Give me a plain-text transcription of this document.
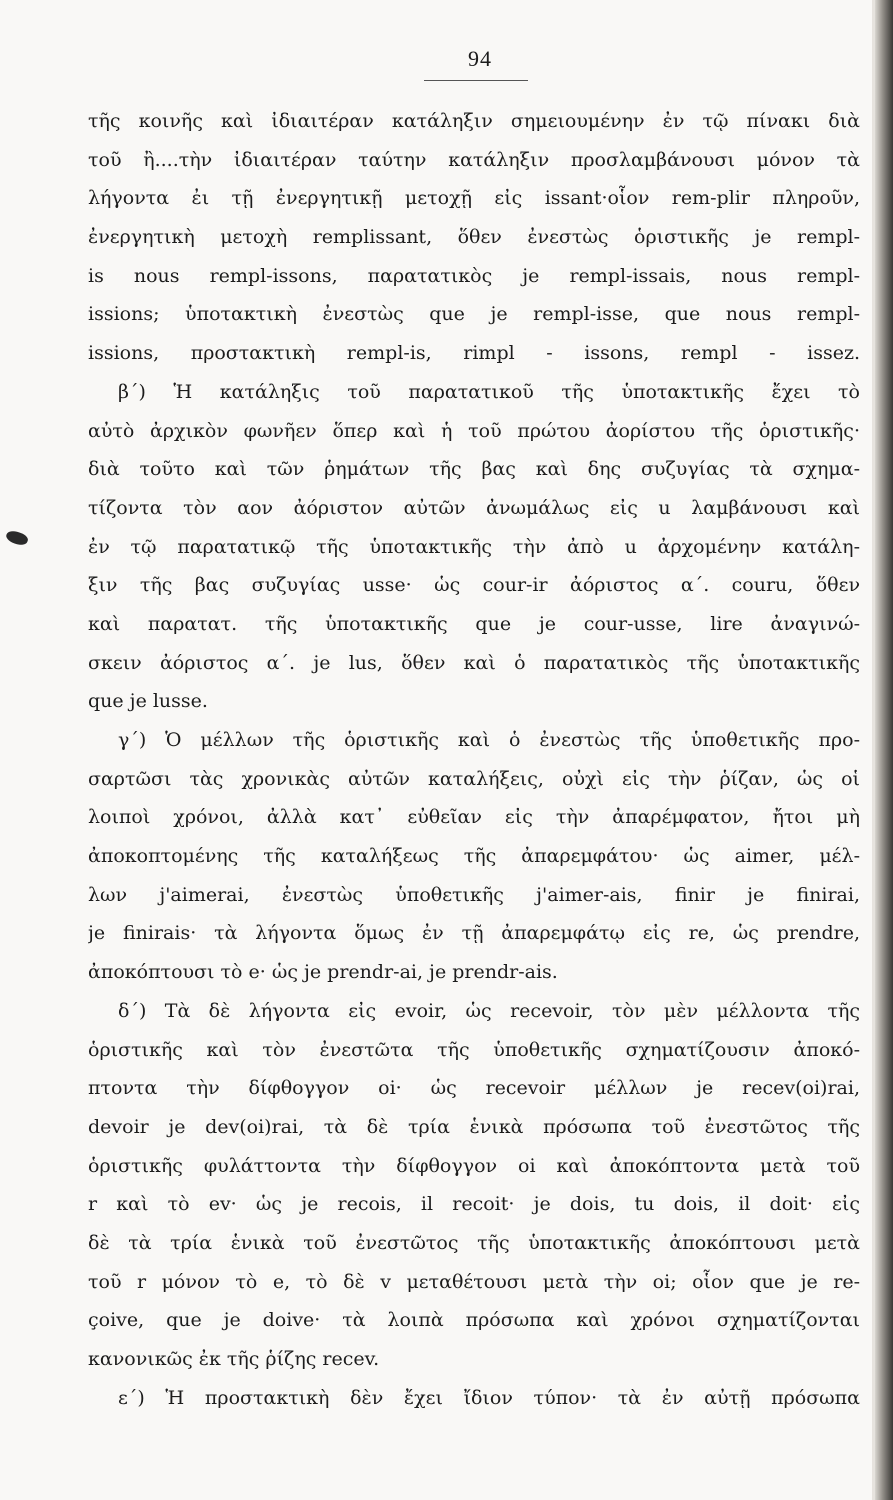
94
τῆς κοινῆς καὶ ἰδιαιτέραν κατάληξιν σημειουμένην ἐν τῷ πίνακι διὰ
τοῦ ἢ....τὴν ἰδιαιτέραν ταύτην κατάληξιν προσλαμβάνουσι μόνον τὰ
λήγοντα ἐι τῇ ἐνεργητικῇ μετοχῇ εἰς issant·οἷον rem-plir πληροῦν,
ἐνεργητικὴ μετοχὴ remplissant, ὅθεν ἐνεστὼς ὁριστικῆς je rempl-
is nous rempl-issons, παρατατικὸς je rempl-issais, nous rempl-
issions; ὑποτακτικὴ ἐνεστὼς que je rempl-isse, que nous rempl-
issions, προστακτικὴ rempl-is, rimpl - issons, rempl - issez.
β´) Ἡ κατάληξις τοῦ παρατατικοῦ τῆς ὑποτακτικῆς ἔχει τὸ
αὐτὸ ἀρχικὸν φωνῆεν ὅπερ καὶ ἡ τοῦ πρώτου ἀορίστου τῆς ὁριστικῆς·
διὰ τοῦτο καὶ τῶν ῥημάτων τῆς βας καὶ δης συζυγίας τὰ σχημα-
τίζοντα τὸν αον ἀόριστον αὐτῶν ἀνωμάλως εἰς u λαμβάνουσι καὶ
ἐν τῷ παρατατικῷ τῆς ὑποτακτικῆς τὴν ἀπὸ u ἀρχομένην κατάλη-
ξιν τῆς βας συζυγίας usse· ὡς cour-ir ἀόριστος α´. couru, ὅθεν
καὶ παρατατ. τῆς ὑποτακτικῆς que je cour-usse, lire ἀναγινώ-
σκειν ἀόριστος α´. je lus, ὅθεν καὶ ὁ παρατατικὸς τῆς ὑποτακτικῆς
que je lusse.
γ´) Ὁ μέλλων τῆς ὁριστικῆς καὶ ὁ ἐνεστὼς τῆς ὑποθετικῆς προ-
σαρτῶσι τὰς χρονικὰς αὐτῶν καταλήξεις, οὐχὶ εἰς τὴν ῥίζαν, ὡς οἱ
λοιποὶ χρόνοι, ἀλλὰ κατ᾽ εὐθεῖαν εἰς τὴν ἀπαρέμφατον, ἤτοι μὴ
ἀποκοπτομένης τῆς καταλήξεως τῆς ἀπαρεμφάτου· ὡς aimer, μέλ-
λων j'aimerai, ἐνεστὼς ὑποθετικῆς j'aimer-ais, finir je finirai,
je finirais· τὰ λήγοντα ὅμως ἐν τῇ ἀπαρεμφάτῳ εἰς re, ὡς prendre,
ἀποκόπτουσι τὸ e· ὡς je prendr-ai, je prendr-ais.
δ´) Τὰ δὲ λήγοντα εἰς evoir, ὡς recevoir, τὸν μὲν μέλλοντα τῆς
ὁριστικῆς καὶ τὸν ἐνεστῶτα τῆς ὑποθετικῆς σχηματίζουσιν ἀποκό-
πτοντα τὴν δίφθογγον oi· ὡς recevoir μέλλων je recev(oi)rai,
devoir je dev(oi)rai, τὰ δὲ τρία ἑνικὰ πρόσωπα τοῦ ἐνεστῶτος τῆς
ὁριστικῆς φυλάττοντα τὴν δίφθογγον oi καὶ ἀποκόπτοντα μετὰ τοῦ
r καὶ τὸ ev· ὡς je recois, il recoit· je dois, tu dois, il doit· εἰς
δὲ τὰ τρία ἑνικὰ τοῦ ἐνεστῶτος τῆς ὑποτακτικῆς ἀποκόπτουσι μετὰ
τοῦ r μόνον τὸ e, τὸ δὲ v μεταθέτουσι μετὰ τὴν oi; οἷον que je re-
çoive, que je doive· τὰ λοιπὰ πρόσωπα καὶ χρόνοι σχηματίζονται
κανονικῶς ἐκ τῆς ῥίζης recev.
ε´) Ἡ προστακτικὴ δὲν ἔχει ἴδιον τύπον· τὰ ἐν αὐτῇ πρόσωπα
